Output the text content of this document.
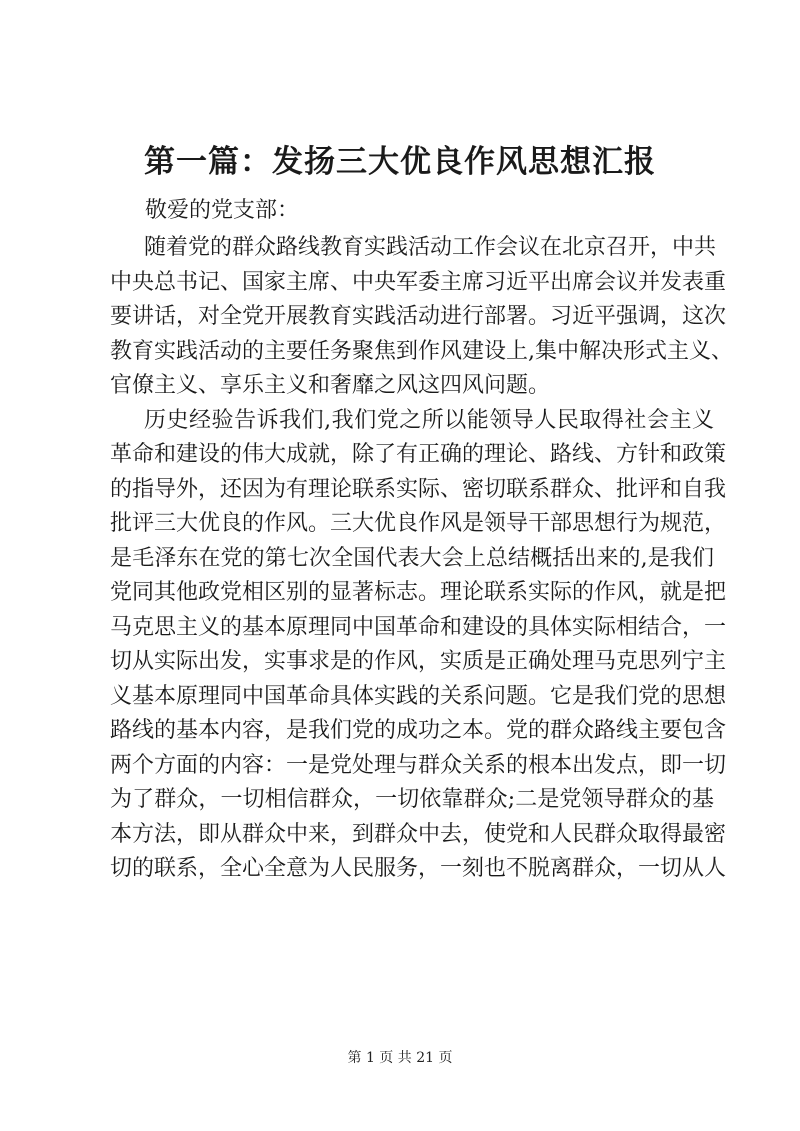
第一篇：发扬三大优良作风思想汇报

敬爱的党支部：

随着党的群众路线教育实践活动工作会议在北京召开，中共
中央总书记、国家主席、中央军委主席习近平出席会议并发表重
要讲话，对全党开展教育实践活动进行部署。习近平强调，这次
教育实践活动的主要任务聚焦到作风建设上,集中解决形式主义、
官僚主义、享乐主义和奢靡之风这四风问题。
历史经验告诉我们,我们党之所以能领导人民取得社会主义
革命和建设的伟大成就，除了有正确的理论、路线、方针和政策
的指导外，还因为有理论联系实际、密切联系群众、批评和自我
批评三大优良的作风。三大优良作风是领导干部思想行为规范，
是毛泽东在党的第七次全国代表大会上总结概括出来的,是我们
党同其他政党相区别的显著标志。理论联系实际的作风，就是把
马克思主义的基本原理同中国革命和建设的具体实际相结合，一
切从实际出发，实事求是的作风，实质是正确处理马克思列宁主
义基本原理同中国革命具体实践的关系问题。它是我们党的思想
路线的基本内容，是我们党的成功之本。党的群众路线主要包含
两个方面的内容：一是党处理与群众关系的根本出发点，即一切
为了群众，一切相信群众，一切依靠群众;二是党领导群众的基
本方法，即从群众中来，到群众中去，使党和人民群众取得最密
切的联系，全心全意为人民服务，一刻也不脱离群众，一切从人
第 1 页 共 21 页
